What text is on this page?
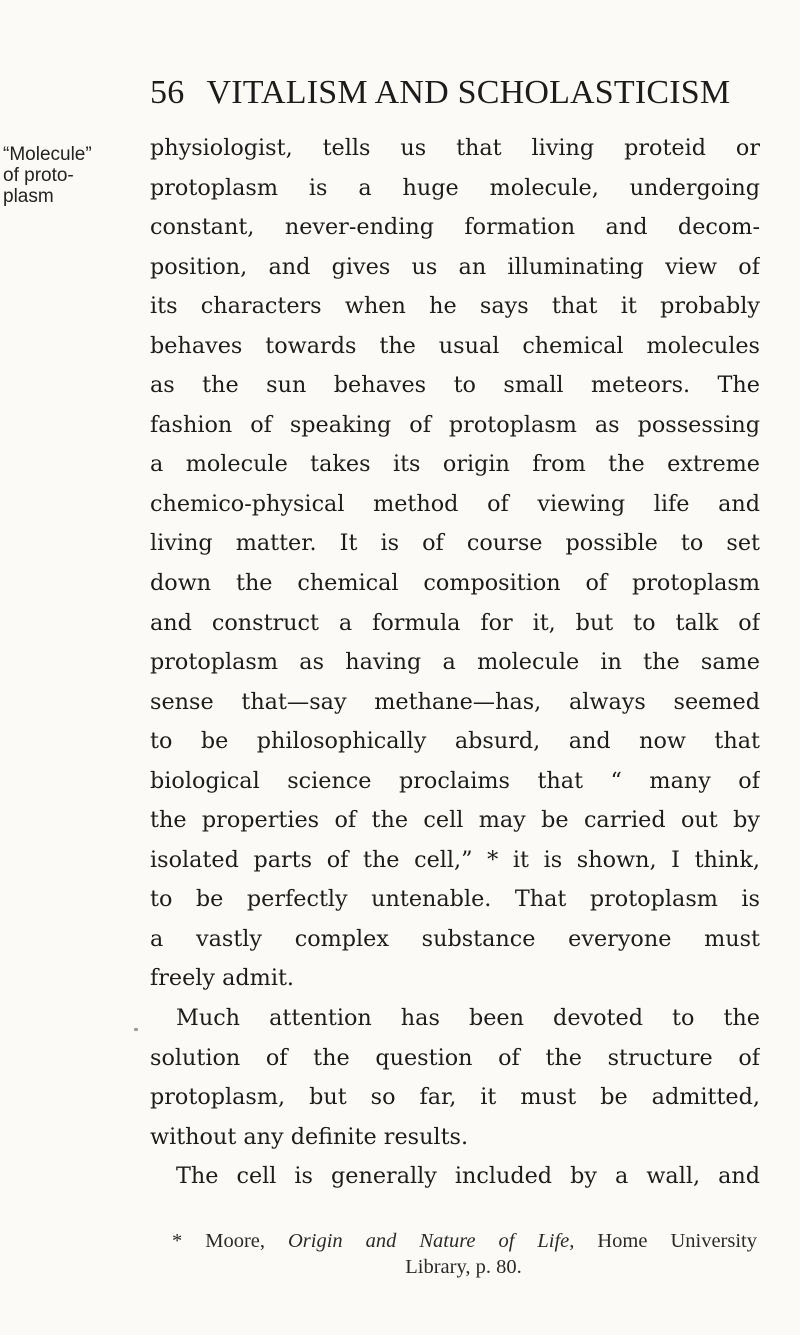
56 VITALISM AND SCHOLASTICISM
“Molecule”
of proto-
plasm
physiologist, tells us that living proteid or
protoplasm is a huge molecule, undergoing
constant, never-ending formation and decom-
position, and gives us an illuminating view of
its characters when he says that it probably
behaves towards the usual chemical molecules
as the sun behaves to small meteors. The
fashion of speaking of protoplasm as possessing
a molecule takes its origin from the extreme
chemico-physical method of viewing life and
living matter. It is of course possible to set
down the chemical composition of protoplasm
and construct a formula for it, but to talk of
protoplasm as having a molecule in the same
sense that—say methane—has, always seemed
to be philosophically absurd, and now that
biological science proclaims that “ many of
the properties of the cell may be carried out by
isolated parts of the cell,” * it is shown, I think,
to be perfectly untenable. That protoplasm is
a vastly complex substance everyone must
freely admit.
Much attention has been devoted to the
solution of the question of the structure of
protoplasm, but so far, it must be admitted,
without any definite results.
The cell is generally included by a wall, and
* Moore, Origin and Nature of Life, Home University
Library, p. 80.
